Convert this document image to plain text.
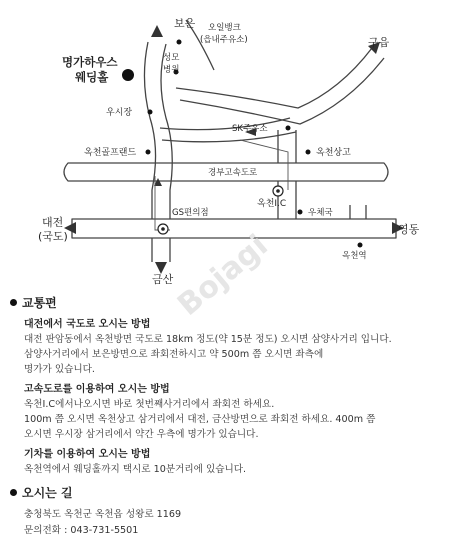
보은 오일뱅크
(읍내주유소)	구읍
성모
병원
명가하우스
웨딩홀
우시장
SK주유소
옥천골프랜드	옥천상고
경부고속도로
옥천I.C
우체국
대전
(국도)
GS편의점
영동
옥천역
금산
Bojagi
교통편
대전에서 국도로 오시는 방법
대전 판암동에서 옥천방면 국도로 18km 정도(약 15분 정도) 오시면 삼양사거리 입니다.
삼양사거리에서 보은방면으로 좌회전하시고 약 500m 쯤 오시면 좌측에
명가가 있습니다.
고속도로를 이용하여 오시는 방법
옥천I.C에서나오시면 바로 첫번째사거리에서 좌회전 하세요.
100m 쯤 오시면 옥천상고 삼거리에서 대전, 금산방면으로 좌회전 하세요. 400m 쯤
오시면 우시장 삼거리에서 약간 우측에 명가가 있습니다.
기차를 이용하여 오시는 방법
옥천역에서 웨딩홀까지 택시로 10분거리에 있습니다.
오시는 길
충청북도 옥천군 옥천읍 성왕로 1169
문의전화 : 043-731-5501
